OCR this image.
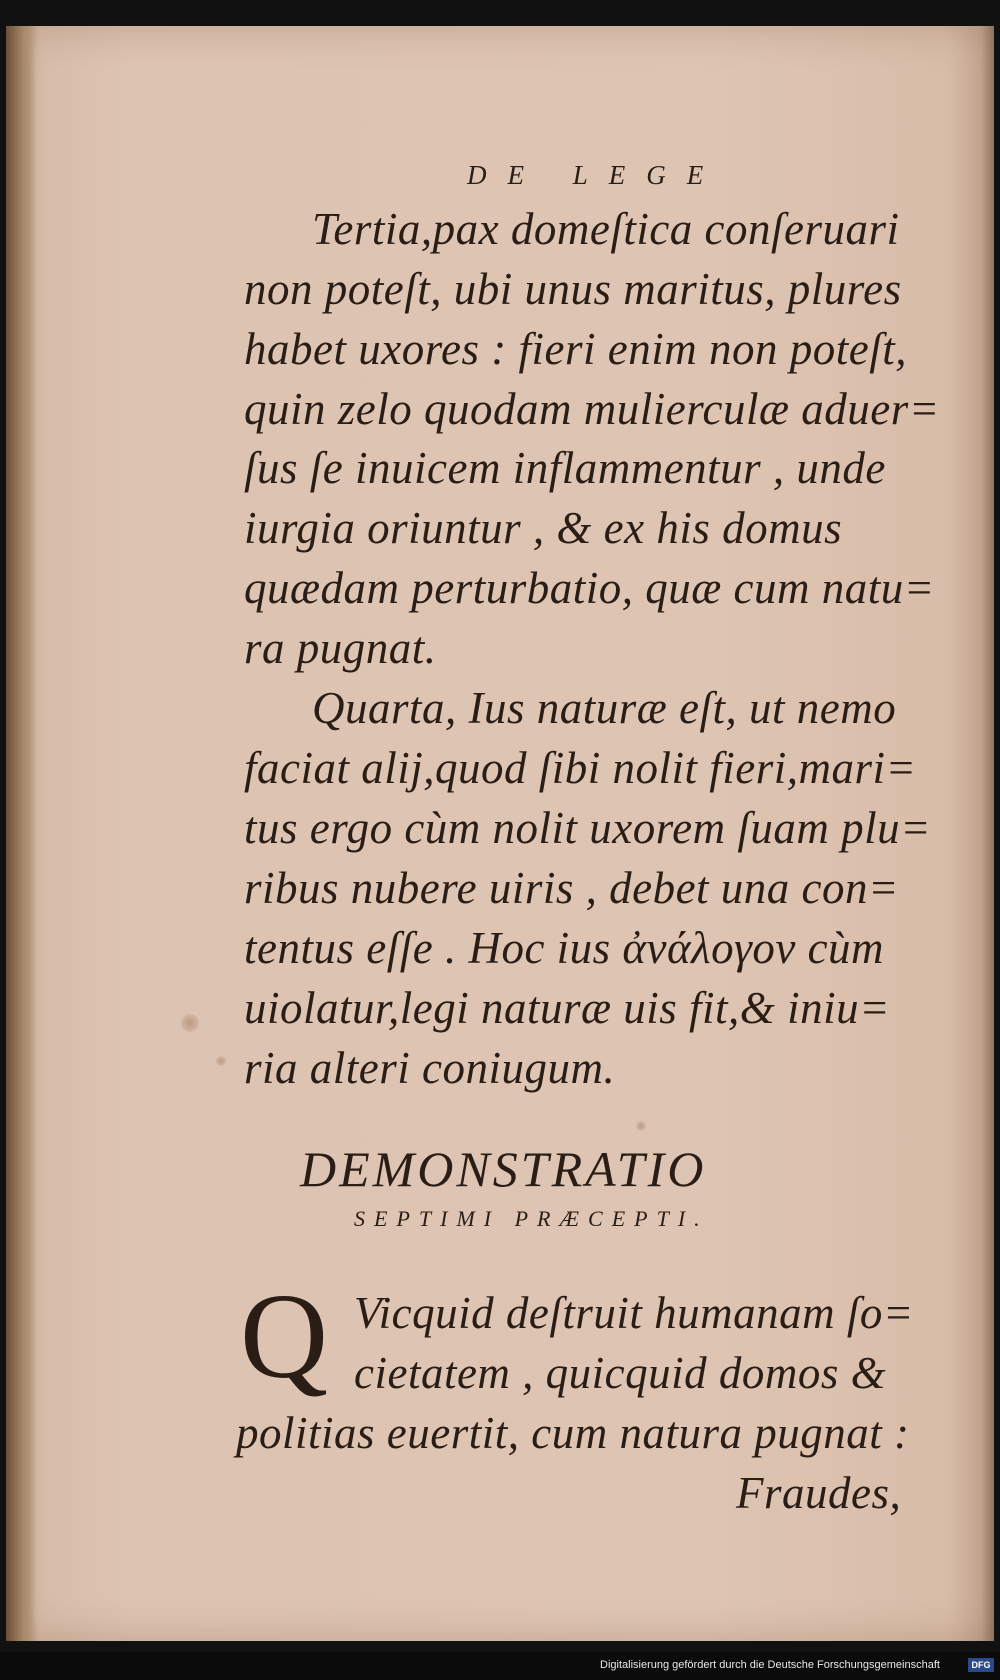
DE LEGE
Tertia,pax domeſtica conſeruari
non poteſt, ubi unus maritus, plures
habet uxores : fieri enim non poteſt,
quin zelo quodam mulierculæ aduer=
ſus ſe inuicem inflammentur , unde
iurgia oriuntur , & ex his domus
quædam perturbatio, quæ cum natu=
ra pugnat.
Quarta, Ius naturæ eſt, ut nemo
faciat alij,quod ſibi nolit fieri,mari=
tus ergo cùm nolit uxorem ſuam plu=
ribus nubere uiris , debet una con=
tentus eſſe . Hoc ius ἀνάλογον cùm
uiolatur,legi naturæ uis fit,& iniu=
ria alteri coniugum.
DEMONSTRATIO
SEPTIMI PRÆCEPTI.
Q Vicquid deſtruit humanam ſo=
cietatem , quicquid domos &
politias euertit, cum natura pugnat :
Fraudes,
Digitalisierung gefördert durch die Deutsche Forschungsgemeinschaft	DFG
